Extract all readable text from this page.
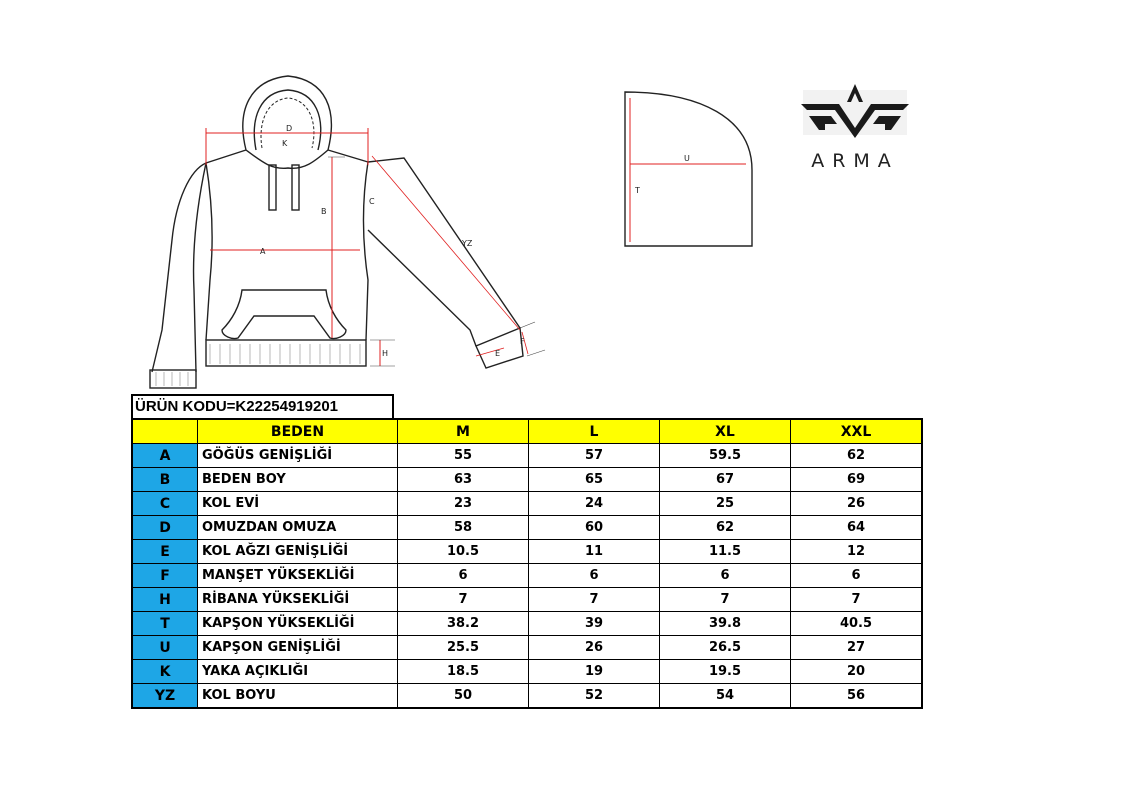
D
K
B
C
A
YZ
H	E
F
U
T
ARMA
ÜRÜN KODU=K22254919201
	BEDEN	M	L	XL	XXL
A	GÖĞÜS GENİŞLİĞİ	55	57	59.5	62
B	BEDEN BOY	63	65	67	69
C	KOL EVİ	23	24	25	26
D	OMUZDAN OMUZA	58	60	62	64
E	KOL AĞZI GENİŞLİĞİ	10.5	11	11.5	12
F	MANŞET YÜKSEKLİĞİ	6	6	6	6
H	RİBANA YÜKSEKLİĞİ	7	7	7	7
T	KAPŞON YÜKSEKLİĞİ	38.2	39	39.8	40.5
U	KAPŞON GENİŞLİĞİ	25.5	26	26.5	27
K	YAKA AÇIKLIĞI	18.5	19	19.5	20
YZ	KOL BOYU	50	52	54	56
